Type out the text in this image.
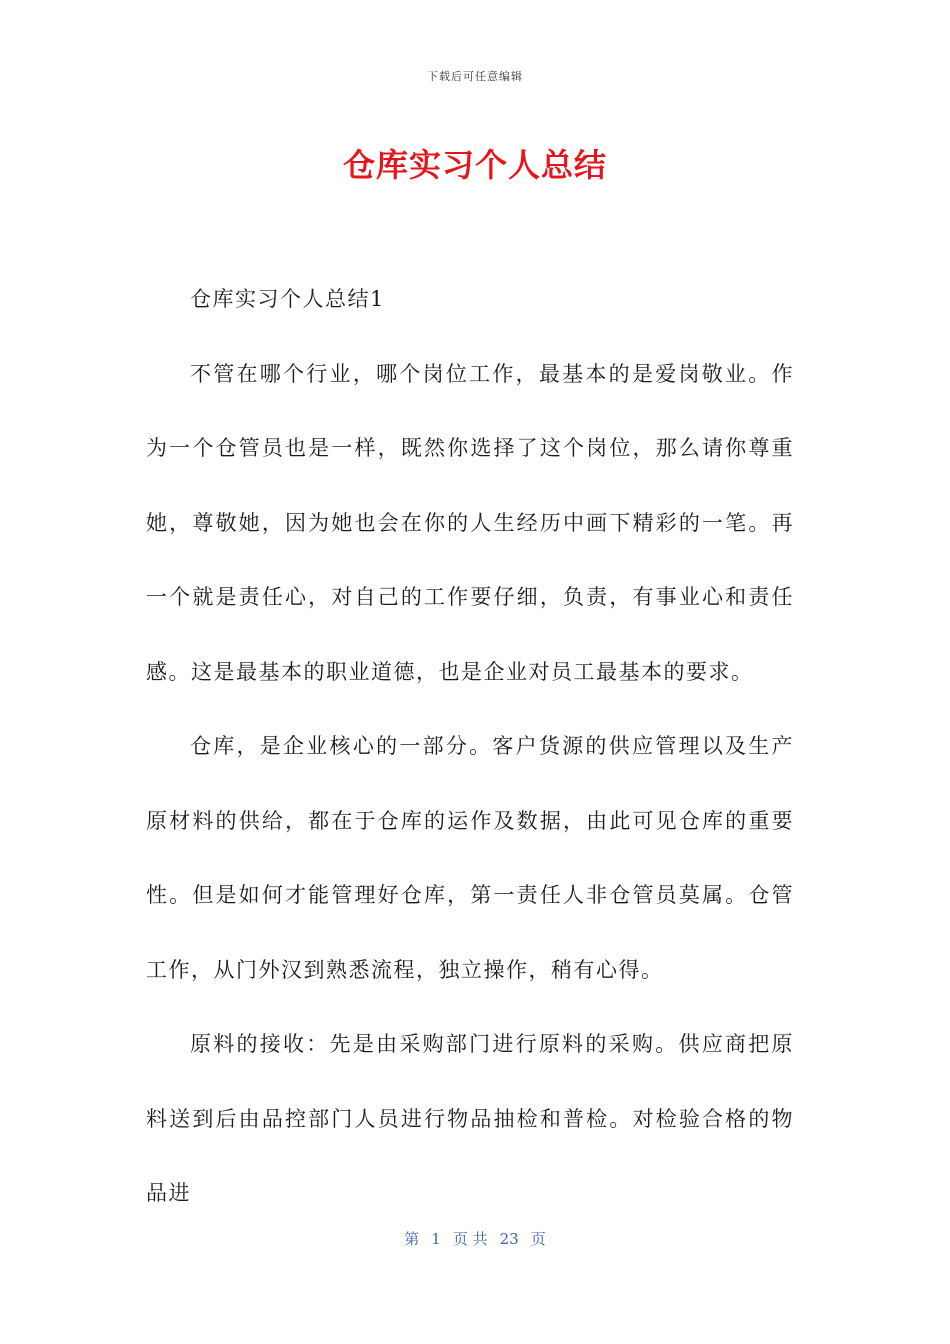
下载后可任意编辑
仓库实习个人总结

仓库实习个人总结1

不管在哪个行业，哪个岗位工作，最基本的是爱岗敬业。作为一个仓管员也是一样，既然你选择了这个岗位，那么请你尊重她，尊敬她，因为她也会在你的人生经历中画下精彩的一笔。再一个就是责任心，对自己的工作要仔细，负责，有事业心和责任感。这是最基本的职业道德，也是企业对员工最基本的要求。

仓库，是企业核心的一部分。客户货源的供应管理以及生产原材料的供给，都在于仓库的运作及数据，由此可见仓库的重要性。但是如何才能管理好仓库，第一责任人非仓管员莫属。仓管工作，从门外汉到熟悉流程，独立操作，稍有心得。

原料的接收：先是由采购部门进行原料的采购。供应商把原料送到后由品控部门人员进行物品抽检和普检。对检验合格的物品进

第 1 页 共 23 页
